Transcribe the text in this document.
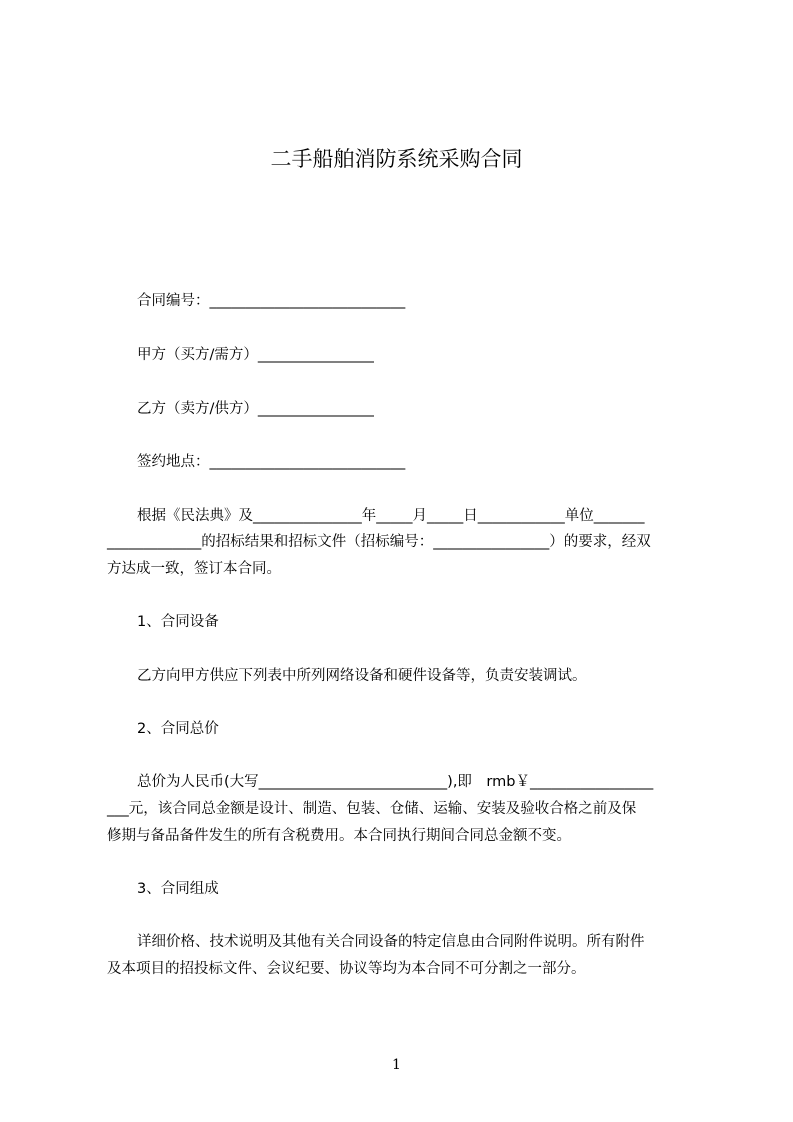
二手船舶消防系统采购合同
合同编号：___________________________
甲方（买方/需方）________________
乙方（卖方/供方）________________
签约地点：___________________________
根据《民法典》及_______________年_____月_____日____________单位_______
_____________的招标结果和招标文件（招标编号：________________）的要求，经双
方达成一致，签订本合同。
1、合同设备
乙方向甲方供应下列表中所列网络设备和硬件设备等，负责安装调试。
2、合同总价
总价为人民币(大写__________________________),即　rmb￥_________________
___元，该合同总金额是设计、制造、包装、仓储、运输、安装及验收合格之前及保
修期与备品备件发生的所有含税费用。本合同执行期间合同总金额不变。
3、合同组成
详细价格、技术说明及其他有关合同设备的特定信息由合同附件说明。所有附件
及本项目的招投标文件、会议纪要、协议等均为本合同不可分割之一部分。
1
